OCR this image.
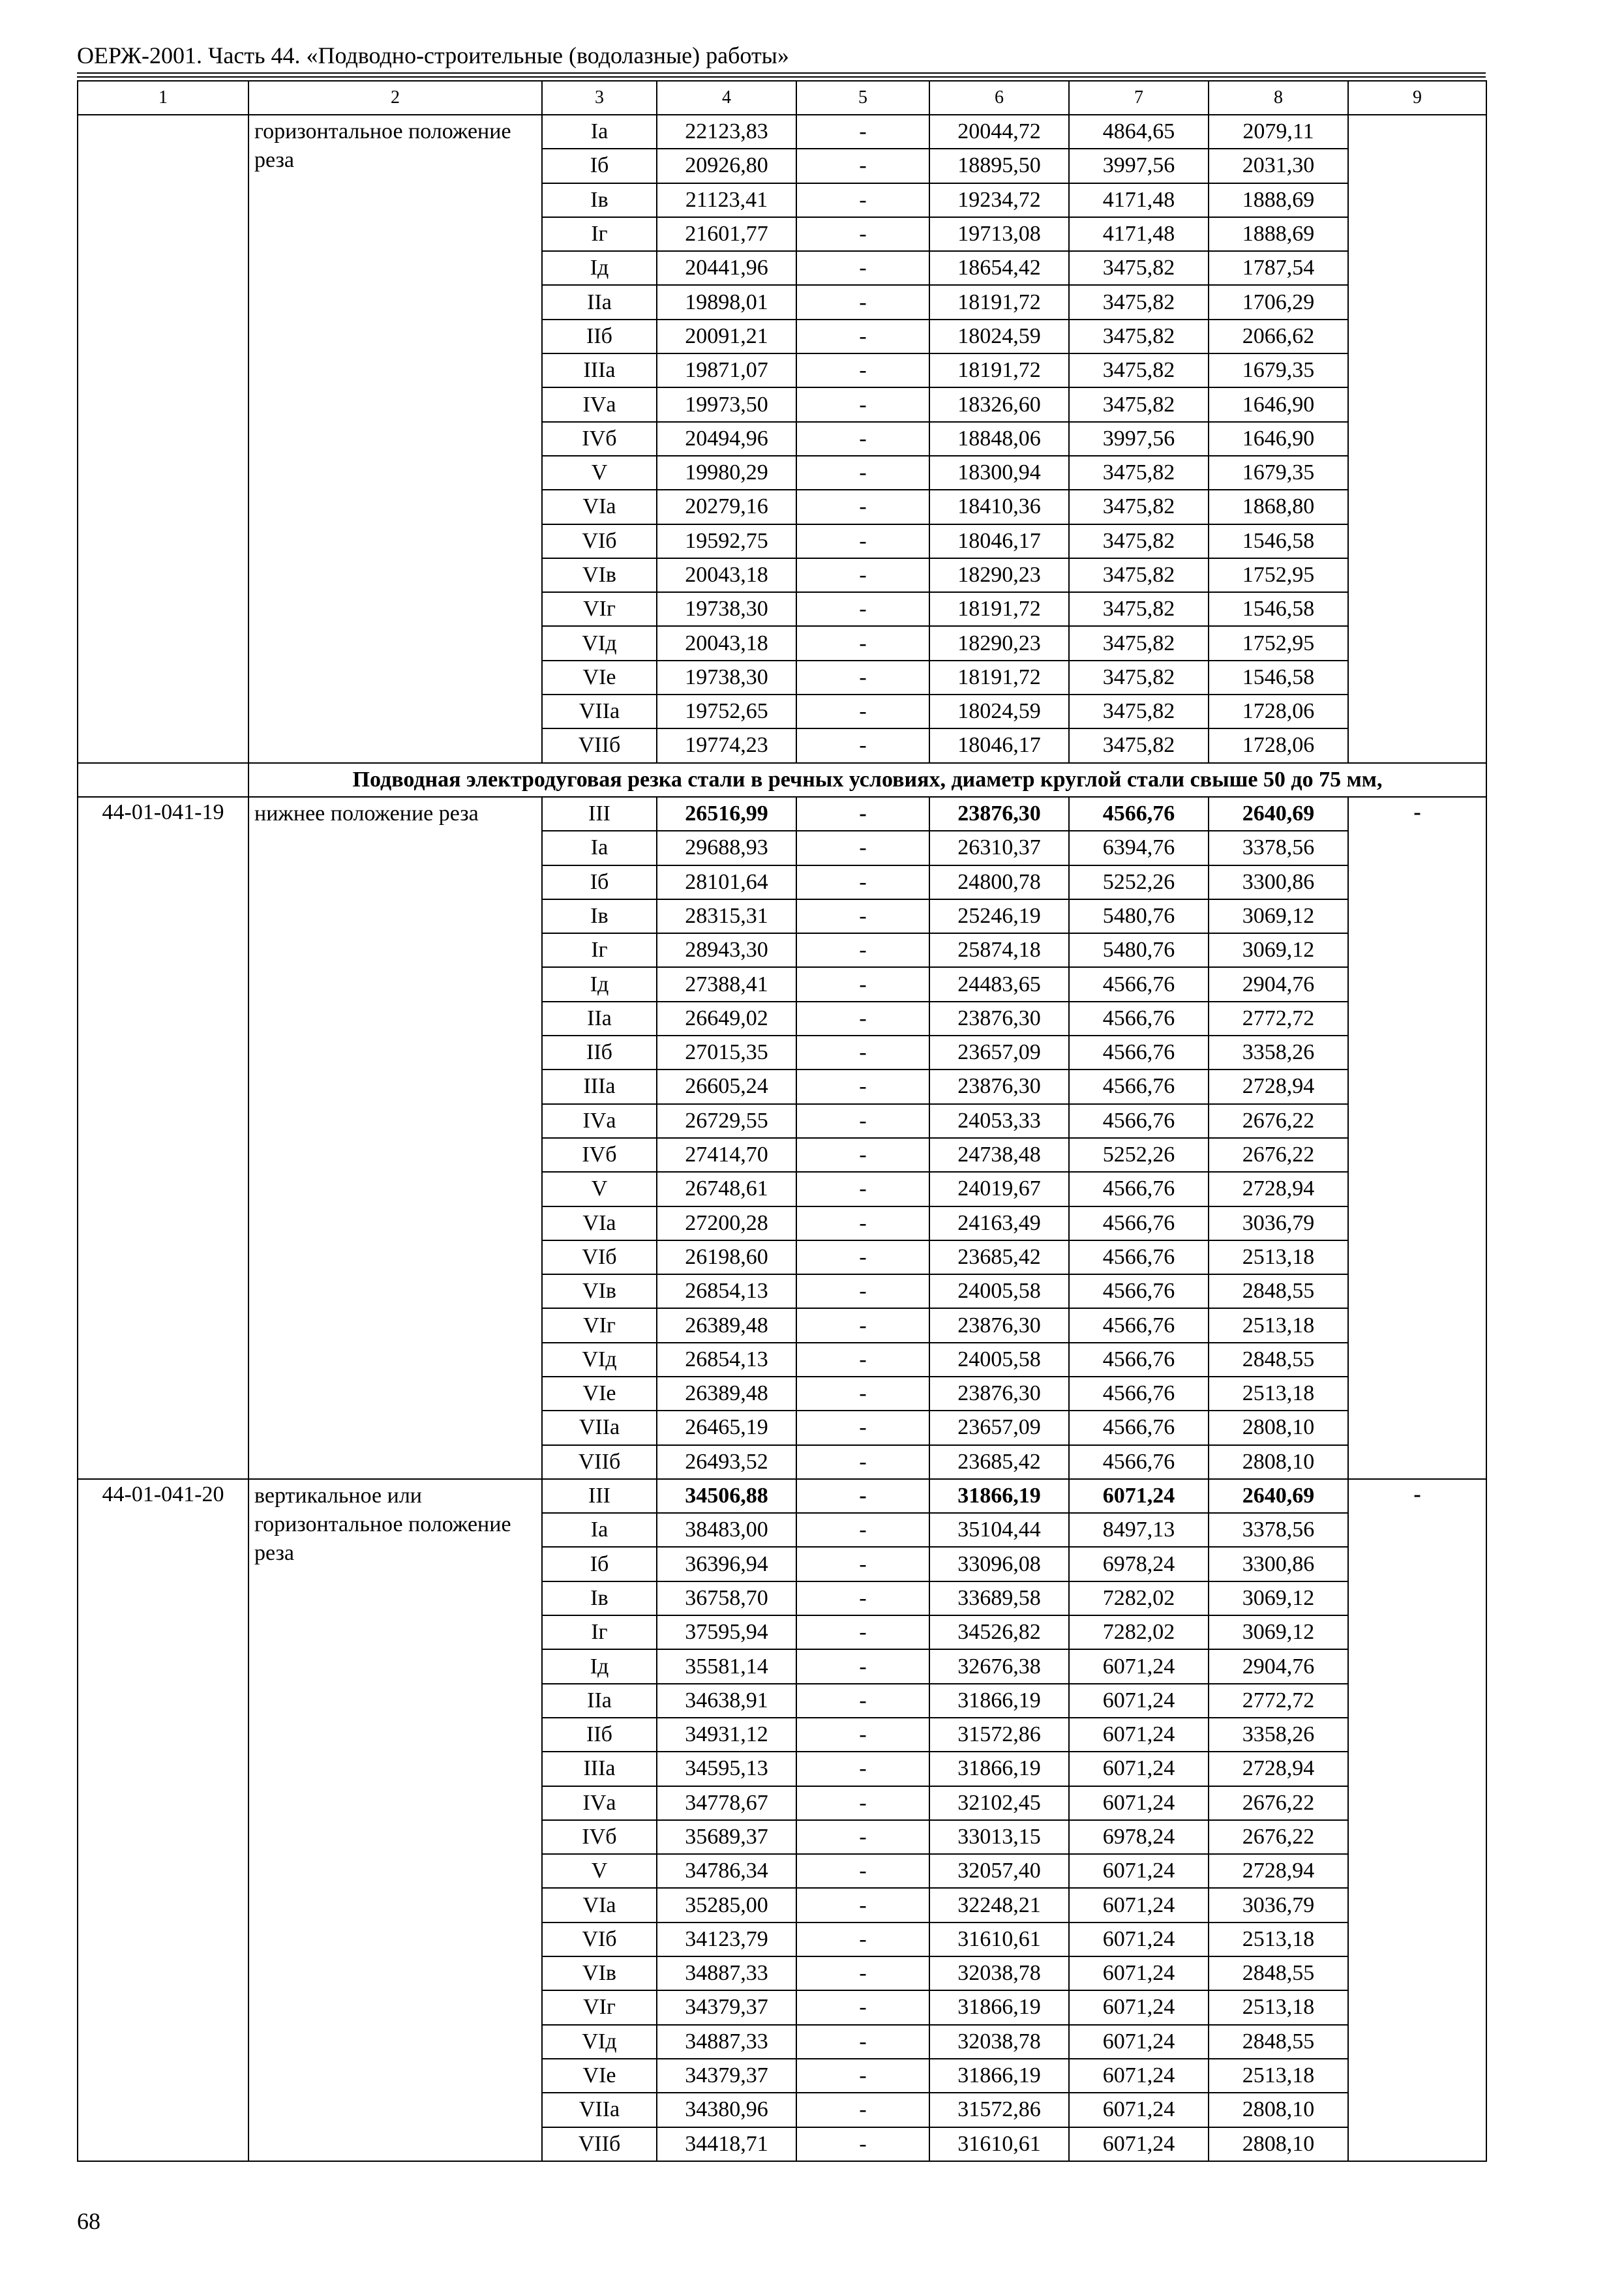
ОЕРЖ-2001. Часть 44. «Подводно-строительные (водолазные) работы»
1	2	3	4	5	6	7	8	9
	горизонтальное положение реза	Iа	22123,83	-	20044,72	4864,65	2079,11	
		Iб	20926,80	-	18895,50	3997,56	2031,30	
		Iв	21123,41	-	19234,72	4171,48	1888,69	
		Iг	21601,77	-	19713,08	4171,48	1888,69	
		Iд	20441,96	-	18654,42	3475,82	1787,54	
		IIа	19898,01	-	18191,72	3475,82	1706,29	
		IIб	20091,21	-	18024,59	3475,82	2066,62	
		IIIа	19871,07	-	18191,72	3475,82	1679,35	
		IVа	19973,50	-	18326,60	3475,82	1646,90	
		IVб	20494,96	-	18848,06	3997,56	1646,90	
		V	19980,29	-	18300,94	3475,82	1679,35	
		VIа	20279,16	-	18410,36	3475,82	1868,80	
		VIб	19592,75	-	18046,17	3475,82	1546,58	
		VIв	20043,18	-	18290,23	3475,82	1752,95	
		VIг	19738,30	-	18191,72	3475,82	1546,58	
		VIд	20043,18	-	18290,23	3475,82	1752,95	
		VIе	19738,30	-	18191,72	3475,82	1546,58	
		VIIа	19752,65	-	18024,59	3475,82	1728,06	
		VIIб	19774,23	-	18046,17	3475,82	1728,06	
	Подводная электродуговая резка стали в речных условиях, диаметр круглой стали свыше 50 до 75 мм,							
44-01-041-19	нижнее положение реза	III	26516,99	-	23876,30	4566,76	2640,69	-
		Iа	29688,93	-	26310,37	6394,76	3378,56	
		Iб	28101,64	-	24800,78	5252,26	3300,86	
		Iв	28315,31	-	25246,19	5480,76	3069,12	
		Iг	28943,30	-	25874,18	5480,76	3069,12	
		Iд	27388,41	-	24483,65	4566,76	2904,76	
		IIа	26649,02	-	23876,30	4566,76	2772,72	
		IIб	27015,35	-	23657,09	4566,76	3358,26	
		IIIа	26605,24	-	23876,30	4566,76	2728,94	
		IVа	26729,55	-	24053,33	4566,76	2676,22	
		IVб	27414,70	-	24738,48	5252,26	2676,22	
		V	26748,61	-	24019,67	4566,76	2728,94	
		VIа	27200,28	-	24163,49	4566,76	3036,79	
		VIб	26198,60	-	23685,42	4566,76	2513,18	
		VIв	26854,13	-	24005,58	4566,76	2848,55	
		VIг	26389,48	-	23876,30	4566,76	2513,18	
		VIд	26854,13	-	24005,58	4566,76	2848,55	
		VIе	26389,48	-	23876,30	4566,76	2513,18	
		VIIа	26465,19	-	23657,09	4566,76	2808,10	
		VIIб	26493,52	-	23685,42	4566,76	2808,10	
44-01-041-20	вертикальное или горизонтальное положение реза	III	34506,88	-	31866,19	6071,24	2640,69	-
		Iа	38483,00	-	35104,44	8497,13	3378,56	
		Iб	36396,94	-	33096,08	6978,24	3300,86	
		Iв	36758,70	-	33689,58	7282,02	3069,12	
		Iг	37595,94	-	34526,82	7282,02	3069,12	
		Iд	35581,14	-	32676,38	6071,24	2904,76	
		IIа	34638,91	-	31866,19	6071,24	2772,72	
		IIб	34931,12	-	31572,86	6071,24	3358,26	
		IIIа	34595,13	-	31866,19	6071,24	2728,94	
		IVа	34778,67	-	32102,45	6071,24	2676,22	
		IVб	35689,37	-	33013,15	6978,24	2676,22	
		V	34786,34	-	32057,40	6071,24	2728,94	
		VIа	35285,00	-	32248,21	6071,24	3036,79	
		VIб	34123,79	-	31610,61	6071,24	2513,18	
		VIв	34887,33	-	32038,78	6071,24	2848,55	
		VIг	34379,37	-	31866,19	6071,24	2513,18	
		VIд	34887,33	-	32038,78	6071,24	2848,55	
		VIе	34379,37	-	31866,19	6071,24	2513,18	
		VIIа	34380,96	-	31572,86	6071,24	2808,10	
		VIIб	34418,71	-	31610,61	6071,24	2808,10	
68
